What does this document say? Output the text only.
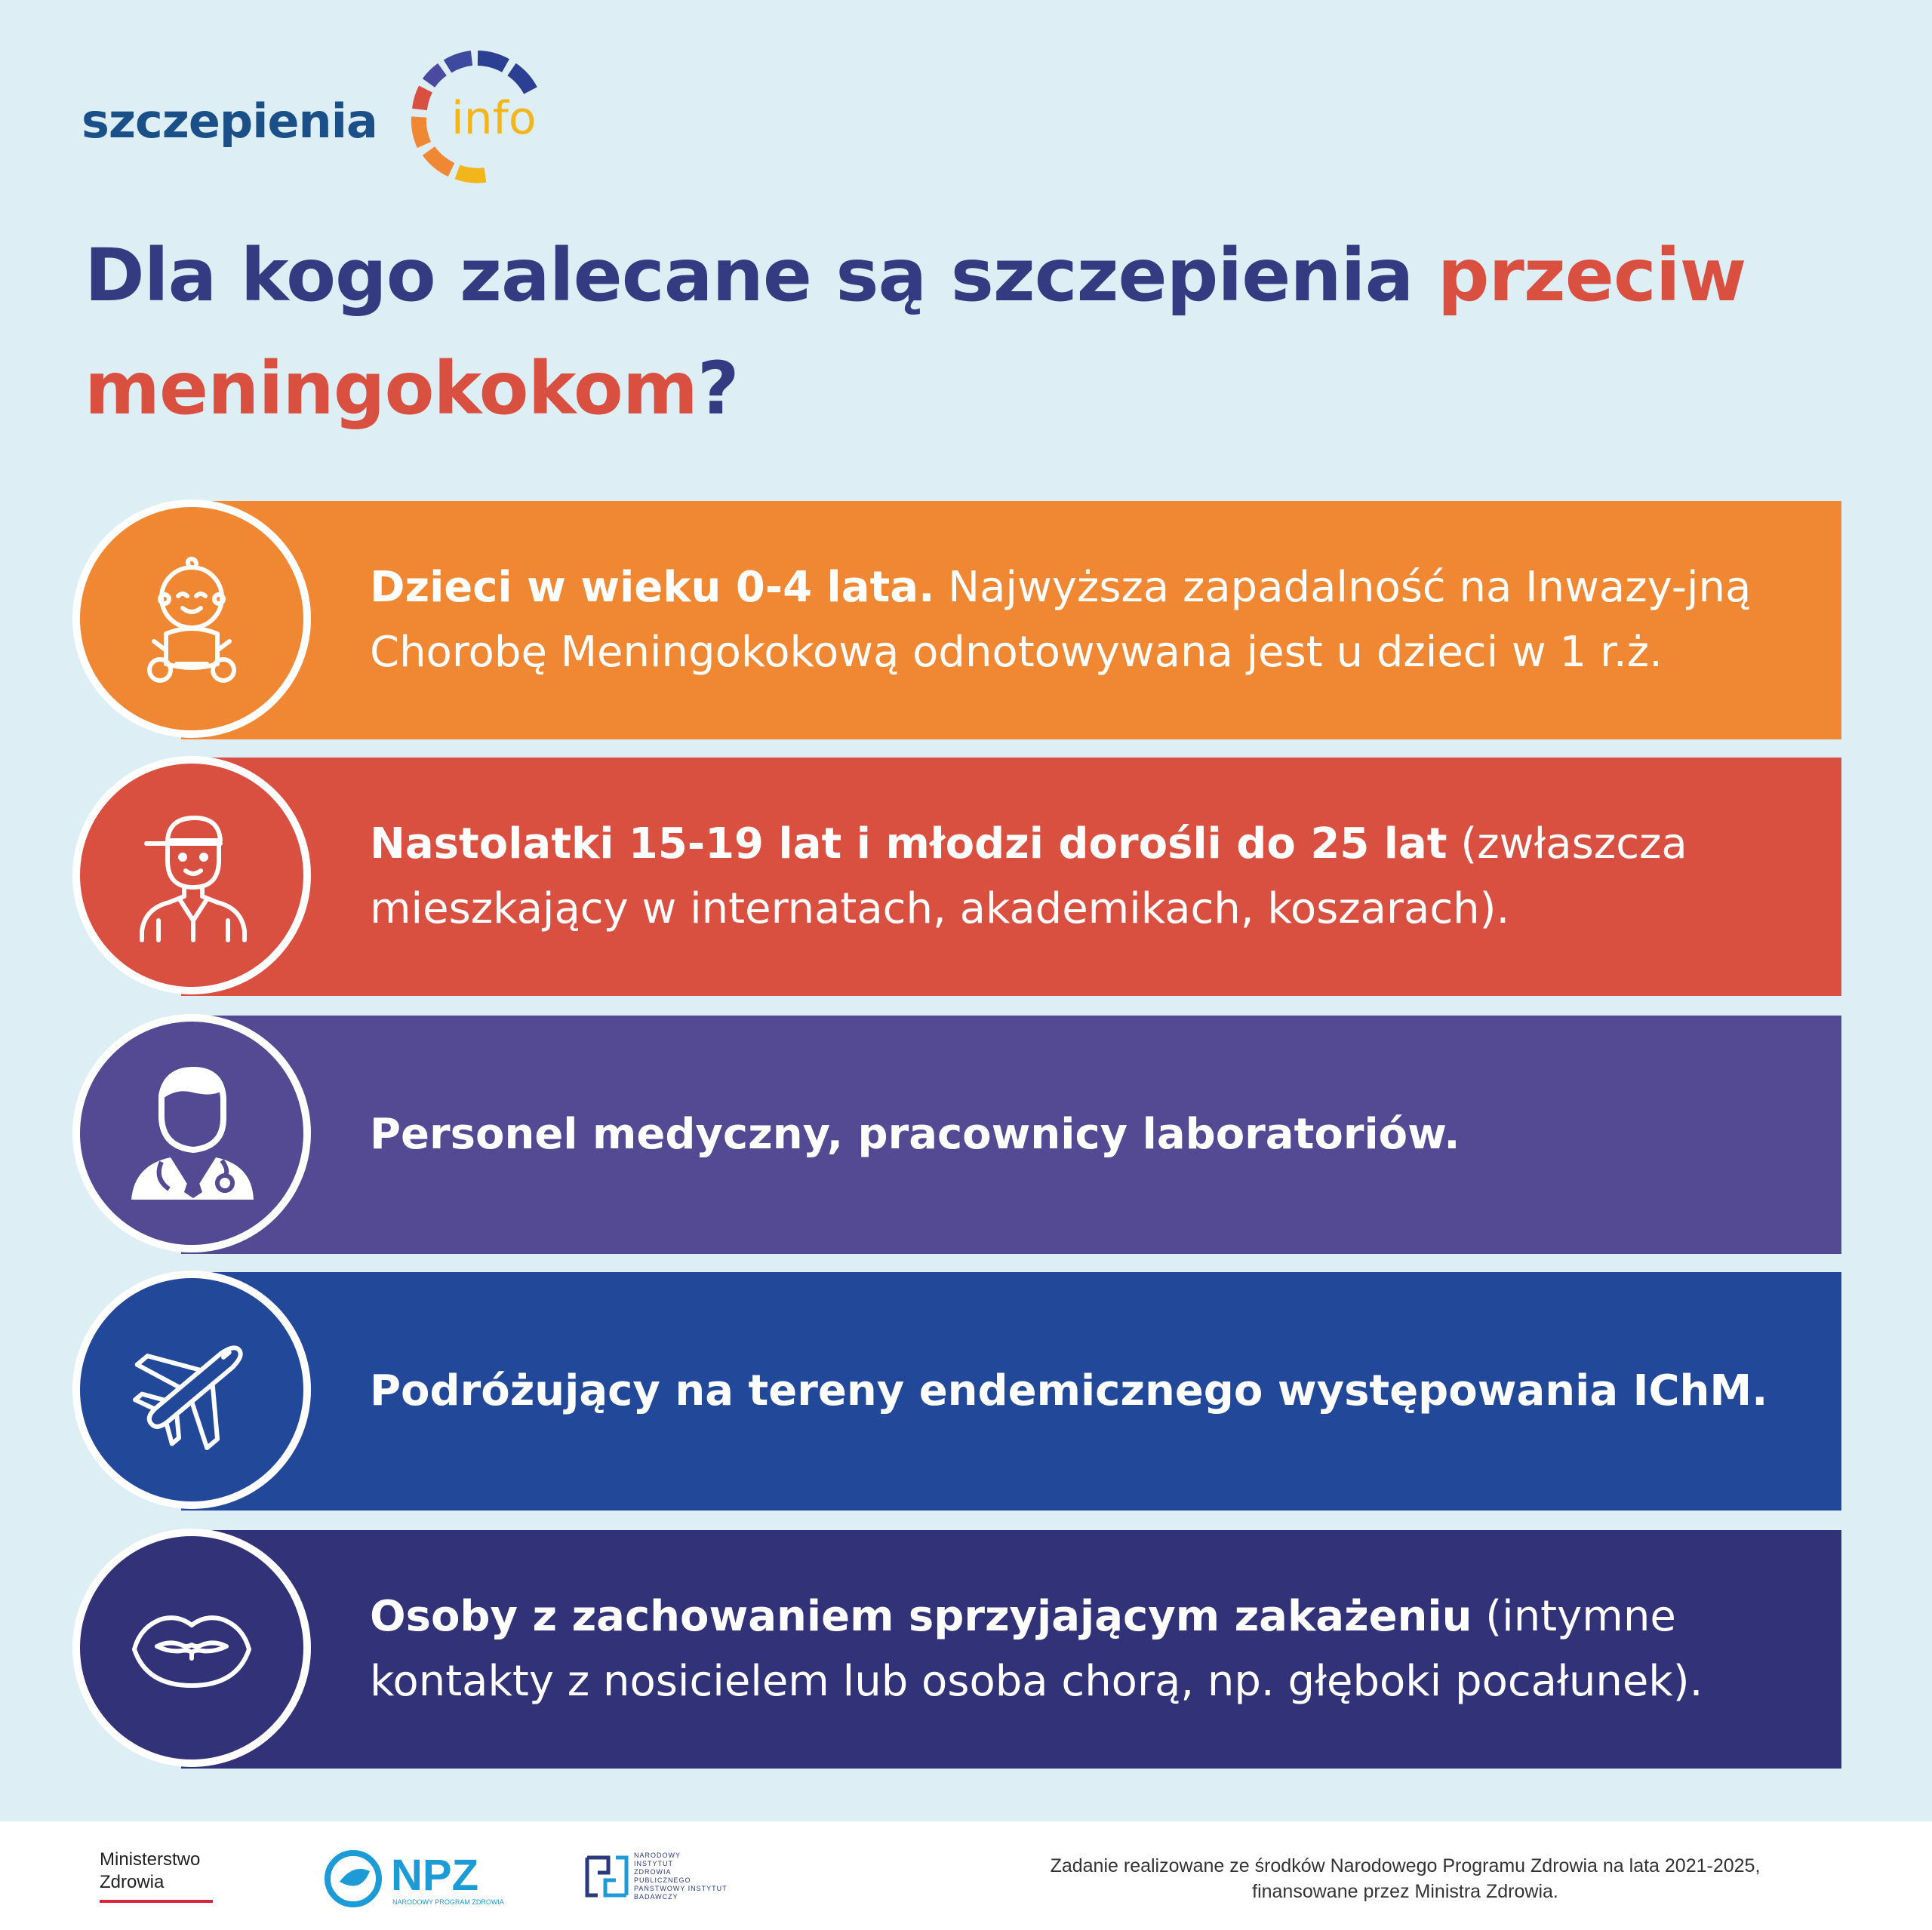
szczepienia info
Dla kogo zalecane są szczepienia przeciw meningokokom?

Dzieci w wieku 0-4 lata. Najwyższa zapadalność na Inwazy-jną Chorobę Meningokokową odnotowywana jest u dzieci w 1 r.ż.

Nastolatki 15-19 lat i młodzi dorośli do 25 lat (zwłaszcza mieszkający w internatach, akademikach, koszarach).

Personel medyczny, pracownicy laboratoriów.

Podróżujący na tereny endemicznego występowania IChM.

Osoby z zachowaniem sprzyjającym zakażeniu (intymne kontakty z nosicielem lub osoba chorą, np. głęboki pocałunek).

Ministerstwo
Zdrowia	NPZ
NARODOWY PROGRAM ZDROWIA
NARODOWY
INSTYTUT
ZDROWIA
PUBLICZNEGO
PAŃSTWOWY INSTYTUT
BADAWCZY
Zadanie realizowane ze środków Narodowego Programu Zdrowia na lata 2021-2025,
finansowane przez Ministra Zdrowia.
